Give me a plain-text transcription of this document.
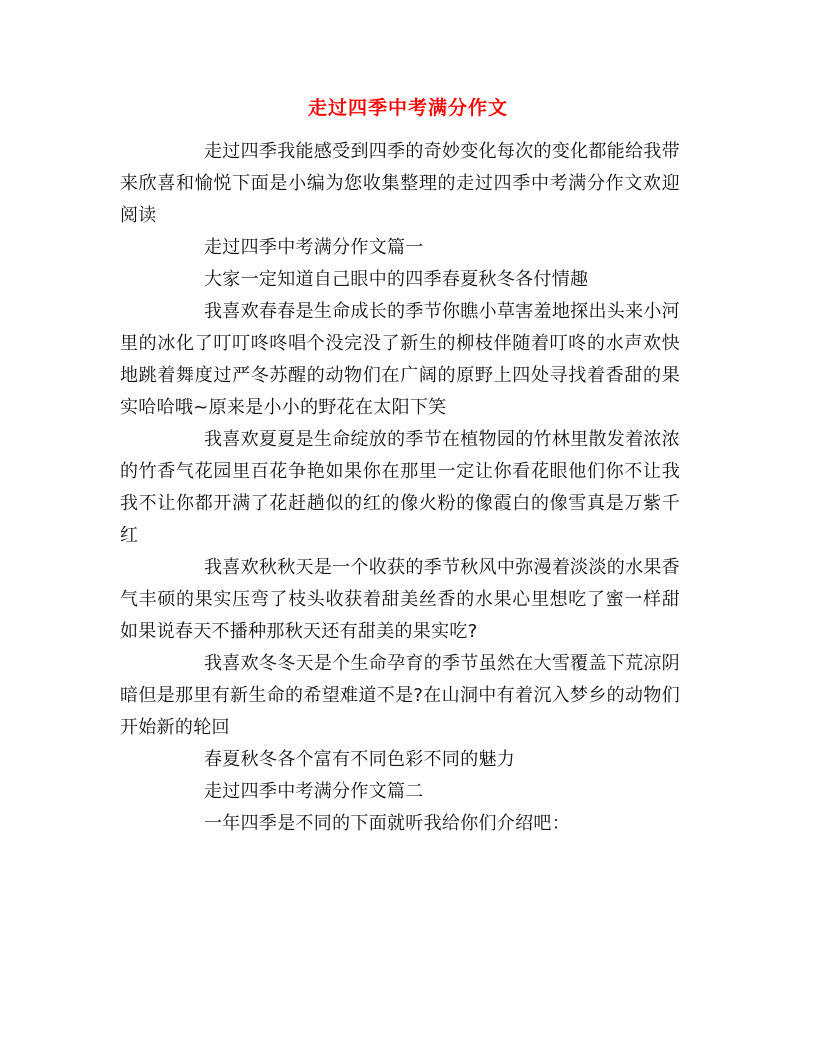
走过四季中考满分作文

走过四季我能感受到四季的奇妙变化每次的变化都能给我带来欣喜和愉悦下面是小编为您收集整理的走过四季中考满分作文欢迎阅读

走过四季中考满分作文篇一

大家一定知道自己眼中的四季春夏秋冬各付情趣

我喜欢春春是生命成长的季节你瞧小草害羞地探出头来小河里的冰化了叮叮咚咚唱个没完没了新生的柳枝伴随着叮咚的水声欢快地跳着舞度过严冬苏醒的动物们在广阔的原野上四处寻找着香甜的果实哈哈哦~原来是小小的野花在太阳下笑

我喜欢夏夏是生命绽放的季节在植物园的竹林里散发着浓浓的竹香气花园里百花争艳如果你在那里一定让你看花眼他们你不让我我不让你都开满了花赶趟似的红的像火粉的像霞白的像雪真是万紫千红

我喜欢秋秋天是一个收获的季节秋风中弥漫着淡淡的水果香气丰硕的果实压弯了枝头收获着甜美丝香的水果心里想吃了蜜一样甜如果说春天不播种那秋天还有甜美的果实吃?

我喜欢冬冬天是个生命孕育的季节虽然在大雪覆盖下荒凉阴暗但是那里有新生命的希望难道不是?在山洞中有着沉入梦乡的动物们开始新的轮回

春夏秋冬各个富有不同色彩不同的魅力

走过四季中考满分作文篇二

一年四季是不同的下面就听我给你们介绍吧：
